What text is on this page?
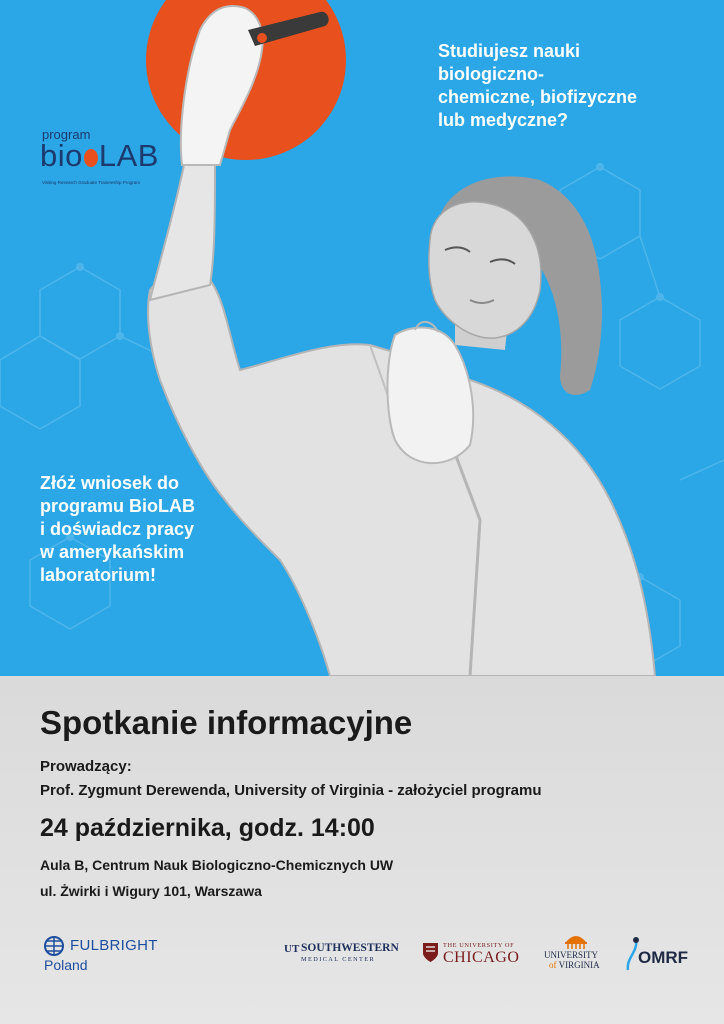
program
bio LAB
Visiting Research Graduate Traineeship Program
Studiujesz nauki
biologiczno-
chemiczne, biofizyczne
lub medyczne?
Złóż wniosek do
programu BioLAB
i doświadcz pracy
w amerykańskim
laboratorium!
Spotkanie informacyjne
Prowadzący:
Prof. Zygmunt Derewenda, University of Virginia - założyciel programu
24 października, godz. 14:00
Aula B, Centrum Nauk Biologiczno-Chemicznych UW
ul. Żwirki i Wigury 101, Warszawa
FULBRIGHT
Poland
UT SOUTHWESTERN
MEDICAL CENTER
THE UNIVERSITY OF
CHICAGO	UNIVERSITY
of VIRGINIA OMRF
